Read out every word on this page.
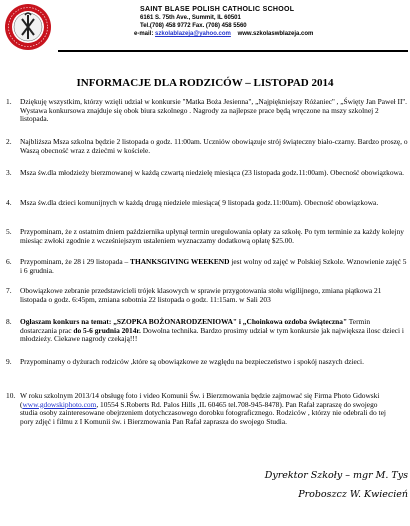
SAINT BLASE POLISH CATHOLIC SCHOOL
6161 S. 75th Ave., Summit, IL 60501
Tel.(708) 458 9772 Fax. (708) 458 5560
e-mail: szkolablazeja@yahoo.com www.szkolaswblazeja.com
INFORMACJE DLA RODZICÓW – LISTOPAD 2014
1.	Dziękuję wszystkim, którzy wzięli udział w konkursie "Matka Boża Jesienna", „Najpiękniejszy Różaniec'' , „Święty Jan Paweł II''. Wystawa konkursowa znajduje się obok biura szkolnego . Nagrody za najlepsze prace będą wręczone na mszy szkolnej 2 listopada.
2.	Najbliższa Msza szkolna będzie 2 listopada o godz. 11:00am. Uczniów obowiązuje strój świąteczny biało-czarny. Bardzo proszę, o Waszą obecność wraz z dziećmi w kościele.
3.	Msza św.dla młodzieży bierzmowanej w każdą czwartą niedzielę miesiąca (23 listopada godz.11:00am). Obecność obowiązkowa.
4.	Msza św.dla dzieci komunijnych w każdą drugą niedziele miesiąca( 9 listopada godz.11:00am). Obecność obowiązkowa.
5.	Przypominam, że z ostatnim dniem października upłynął termin uregulowania opłaty za szkołę. Po tym terminie za każdy kolejny miesiąc zwłoki zgodnie z wcześniejszym ustaleniem wyznaczamy dodatkową opłatę $25.00.
6.	Przypominam, że 28 i 29 listopada – THANKSGIVING WEEKEND jest wolny od zajęć w Polskiej Szkole. Wznowienie zajęć 5 i 6 grudnia.
7.	Obowiązkowe zebranie przedstawicieli trójek klasowych w sprawie przygotowania stołu wigilijnego, zmiana piątkowa 21 listopada o godz. 6:45pm, zmiana sobotnia 22 listopada o godz. 11:15am. w Sali 203
8.	Ogłaszam konkurs na temat: „SZOPKA BOŻONARODZENIOWA" i „Choinkowa ozdoba świąteczna" Termin dostarczania prac do 5-6 grudnia 2014r. Dowolna technika. Bardzo prosimy udział w tym konkursie jak największa ilosc dzieci i młodzieży. Ciekawe nagrody czekają!!!
9.	Przypominamy o dyżurach rodziców ,które są obowiązkowe ze względu na bezpieczeństwo i spokój naszych dzieci.
10. W roku szkolnym 2013/14 obsługę foto i video Komunii Św. i Bierzmowania będzie zajmować się Firma Photo Gdowski (www.gdowskiphoto.com, 10554 S.Roberts Rd. Palos Hills ,IL 60465 tel.708-945-8478). Pan Rafał zapraszę do swojego studia osoby zainteresowane obejrzeniem dotychczasowego dorobku fotograficznego. Rodziców , którzy nie odebrali do tej pory zdjęć i filmu z I Komunii św. i Bierzmowania Pan Rafał zaprasza do swojego Studia.
Dyrektor Szkoły – mgr M. Tys
Proboszcz W. Kwiecień
